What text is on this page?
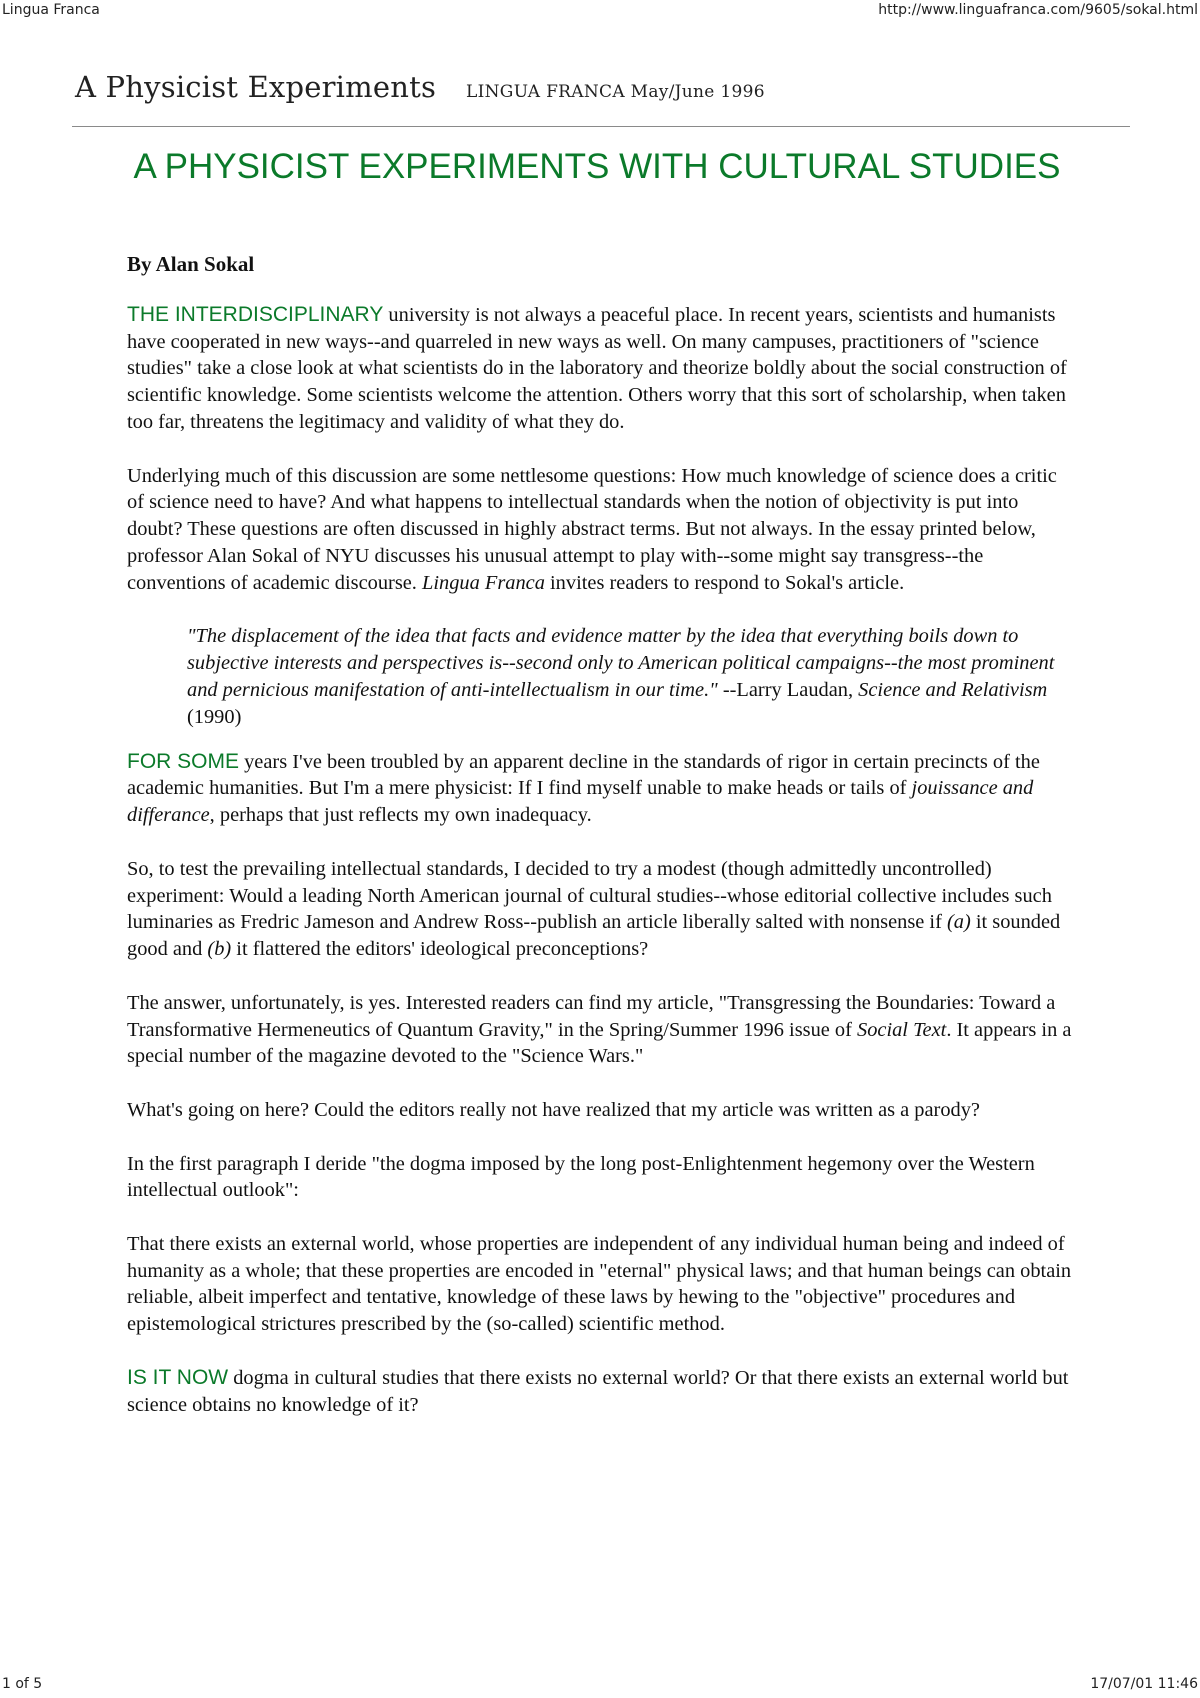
Lingua Franca	http://www.linguafranca.com/9605/sokal.html
A Physicist Experiments LINGUA FRANCA May/June 1996
A PHYSICIST EXPERIMENTS WITH CULTURAL STUDIES

By Alan Sokal

THE INTERDISCIPLINARY university is not always a peaceful place. In recent years, scientists and humanists have cooperated in new ways--and quarreled in new ways as well. On many campuses, practitioners of "science studies" take a close look at what scientists do in the laboratory and theorize boldly about the social construction of scientific knowledge. Some scientists welcome the attention. Others worry that this sort of scholarship, when taken too far, threatens the legitimacy and validity of what they do.

Underlying much of this discussion are some nettlesome questions: How much knowledge of science does a critic of science need to have? And what happens to intellectual standards when the notion of objectivity is put into doubt? These questions are often discussed in highly abstract terms. But not always. In the essay printed below, professor Alan Sokal of NYU discusses his unusual attempt to play with--some might say transgress--the conventions of academic discourse. Lingua Franca invites readers to respond to Sokal's article.

"The displacement of the idea that facts and evidence matter by the idea that everything boils down to subjective interests and perspectives is--second only to American political campaigns--the most prominent and pernicious manifestation of anti-intellectualism in our time." --Larry Laudan, Science and Relativism (1990)

FOR SOME years I've been troubled by an apparent decline in the standards of rigor in certain precincts of the academic humanities. But I'm a mere physicist: If I find myself unable to make heads or tails of jouissance and differance, perhaps that just reflects my own inadequacy.

So, to test the prevailing intellectual standards, I decided to try a modest (though admittedly uncontrolled) experiment: Would a leading North American journal of cultural studies--whose editorial collective includes such luminaries as Fredric Jameson and Andrew Ross--publish an article liberally salted with nonsense if (a) it sounded good and (b) it flattered the editors' ideological preconceptions?

The answer, unfortunately, is yes. Interested readers can find my article, "Transgressing the Boundaries: Toward a Transformative Hermeneutics of Quantum Gravity," in the Spring/Summer 1996 issue of Social Text. It appears in a special number of the magazine devoted to the "Science Wars."

What's going on here? Could the editors really not have realized that my article was written as a parody?

In the first paragraph I deride "the dogma imposed by the long post-Enlightenment hegemony over the Western intellectual outlook":

That there exists an external world, whose properties are independent of any individual human being and indeed of humanity as a whole; that these properties are encoded in "eternal" physical laws; and that human beings can obtain reliable, albeit imperfect and tentative, knowledge of these laws by hewing to the "objective" procedures and epistemological strictures prescribed by the (so-called) scientific method.

IS IT NOW dogma in cultural studies that there exists no external world? Or that there exists an external world but science obtains no knowledge of it?

1 of 5	17/07/01 11:46
